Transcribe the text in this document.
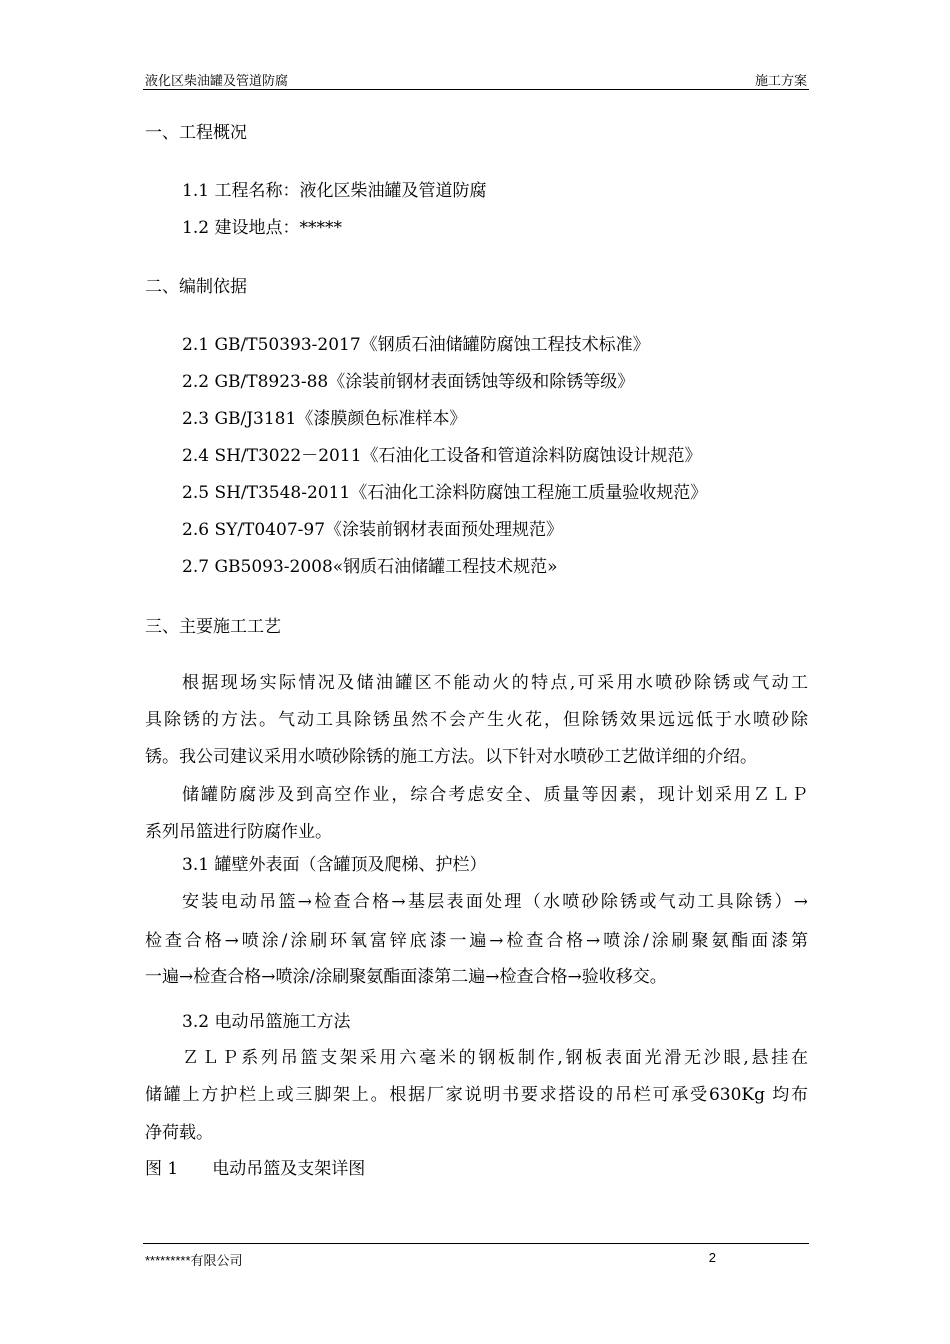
液化区柴油罐及管道防腐	施工方案
一、工程概况
1.1 工程名称：液化区柴油罐及管道防腐
1.2 建设地点：*****
二、编制依据
2.1 GB/T50393-2017《钢质石油储罐防腐蚀工程技术标准》
2.2 GB/T8923-88《涂装前钢材表面锈蚀等级和除锈等级》
2.3 GB/J3181《漆膜颜色标准样本》
2.4 SH/T3022－2011《石油化工设备和管道涂料防腐蚀设计规范》
2.5 SH/T3548-2011《石油化工涂料防腐蚀工程施工质量验收规范》
2.6 SY/T0407-97《涂装前钢材表面预处理规范》
2.7 GB5093-2008«钢质石油储罐工程技术规范»
三、主要施工工艺
根据现场实际情况及储油罐区不能动火的特点,可采用水喷砂除锈或气动工
具除锈的方法。气动工具除锈虽然不会产生火花，但除锈效果远远低于水喷砂除
锈。我公司建议采用水喷砂除锈的施工方法。以下针对水喷砂工艺做详细的介绍。
储罐防腐涉及到高空作业，综合考虑安全、质量等因素，现计划采用ＺＬＰ
系列吊篮进行防腐作业。
3.1 罐壁外表面（含罐顶及爬梯、护栏）
安装电动吊篮→检查合格→基层表面处理（水喷砂除锈或气动工具除锈）→
检查合格→喷涂/涂刷环氧富锌底漆一遍→检查合格→喷涂/涂刷聚氨酯面漆第
一遍→检查合格→喷涂/涂刷聚氨酯面漆第二遍→检查合格→验收移交。
3.2 电动吊篮施工方法
ＺＬＰ系列吊篮支架采用六毫米的钢板制作,钢板表面光滑无沙眼,悬挂在
储罐上方护栏上或三脚架上。根据厂家说明书要求搭设的吊栏可承受630Kg 均布
净荷载。
图 1　　电动吊篮及支架详图
*********有限公司	2
